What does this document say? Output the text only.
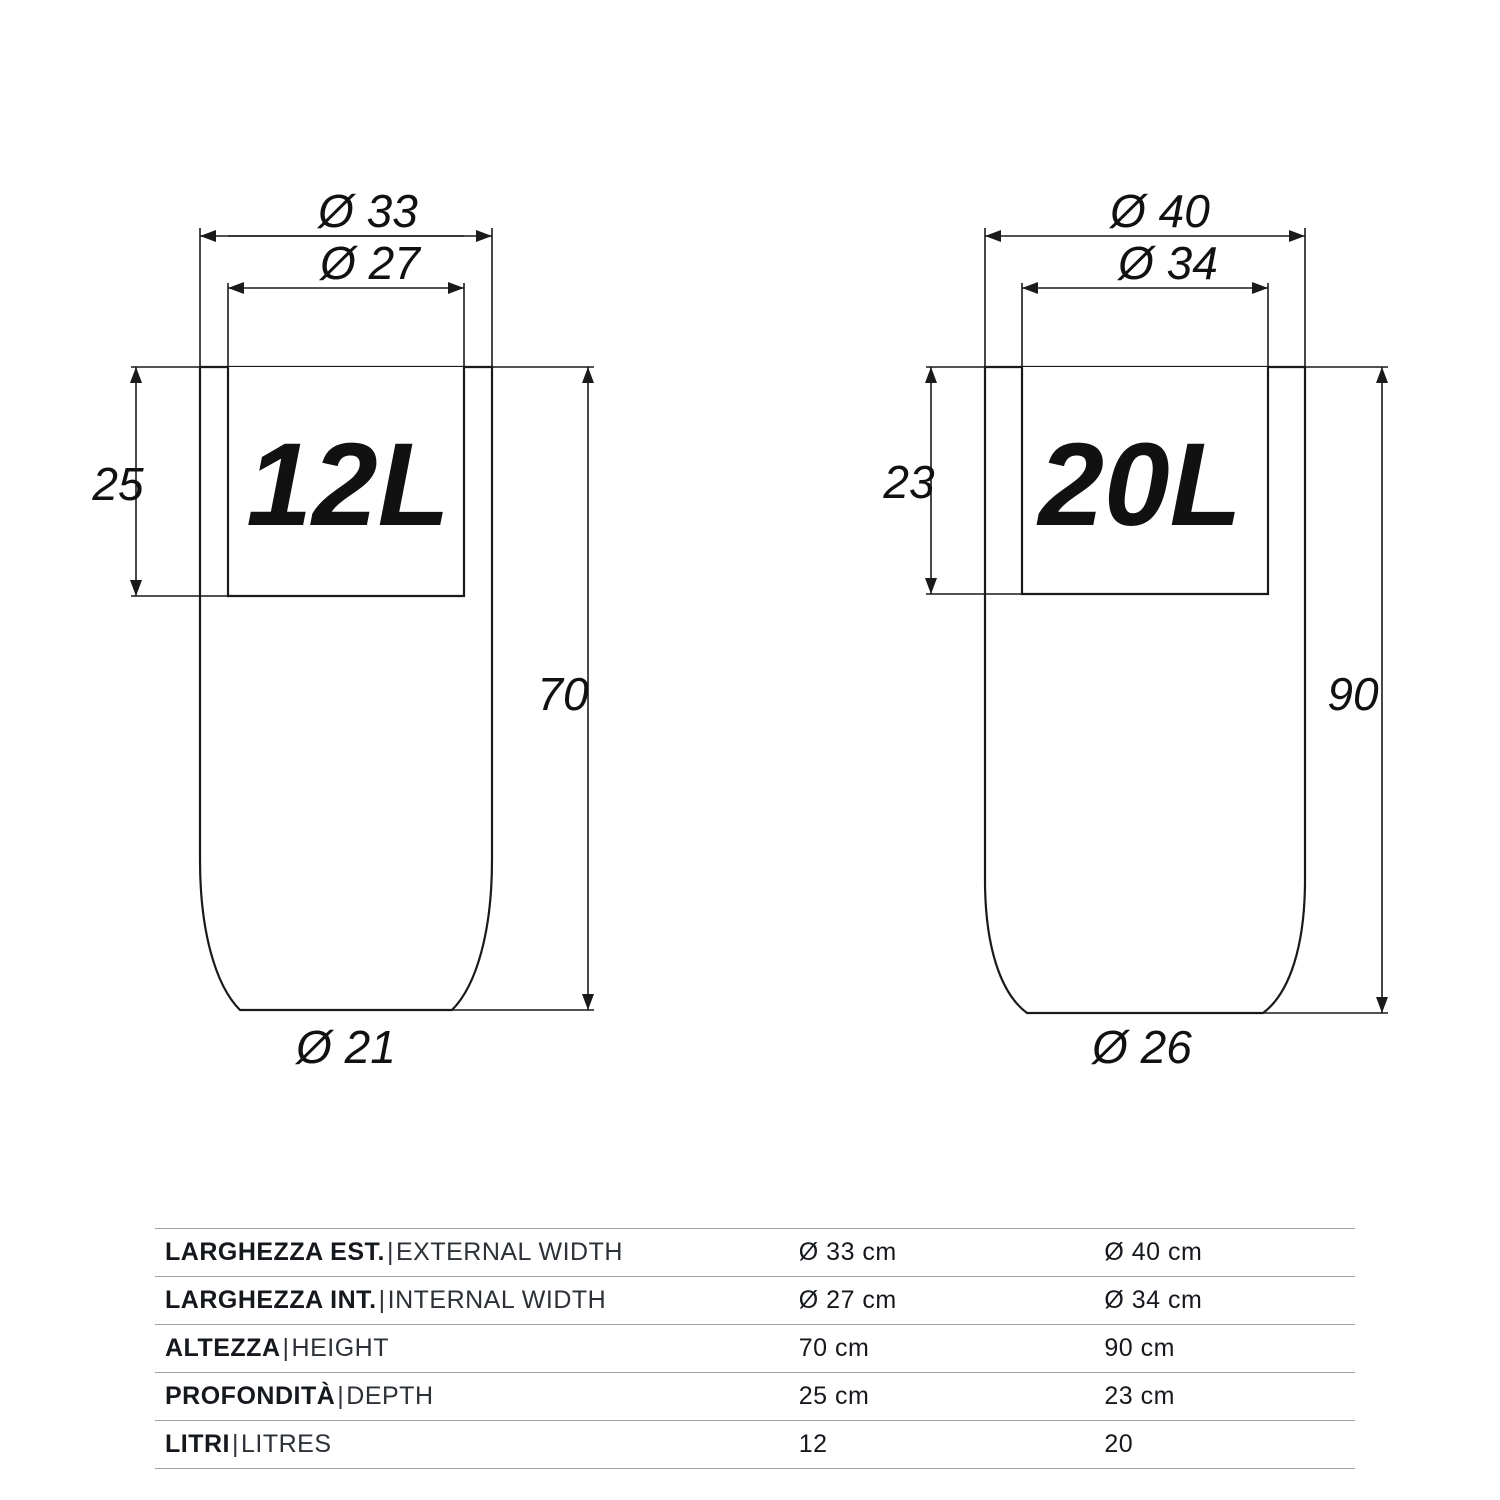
Ø 33
Ø 27
25 12L
70
Ø 21
Ø 40
Ø 34
23 20L
90
Ø 26
LARGHEZZA EST.|EXTERNAL WIDTH	Ø 33 cm	Ø 40 cm
LARGHEZZA INT.|INTERNAL WIDTH	Ø 27 cm	Ø 34 cm
ALTEZZA|HEIGHT	70 cm	90 cm
PROFONDITÀ|DEPTH	25 cm	23 cm
LITRI|LITRES	12	20
